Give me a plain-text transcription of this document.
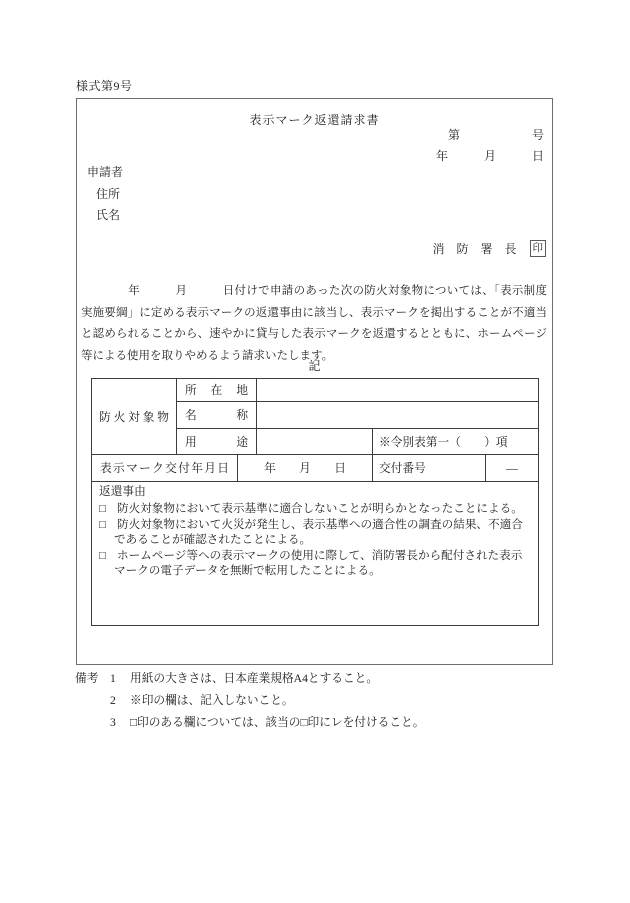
様式第9号
表示マーク返還請求書
第　　　　　　号
年　　　月　　　日
申請者
住所
氏名
消　防　署　長 印
　　　　年　　　月　　　日付けで申請のあった次の防火対象物については、「表示制度
実施要綱」に定める表示マークの返還事由に該当し、表示マークを掲出することが不適当
と認められることから、速やかに貸与した表示マークを返還するとともに、ホームページ
等による使用を取りやめるよう請求いたします。
記
防火対象物	所在地				
	名称				
	用途			※令別表第一（　　）項	
表示マーク交付年月日		年　　月　　日		交付番号	―

返還事由
□ 防火対象物において表示基準に適合しないことが明らかとなったことによる。
□ 防火対象物において火災が発生し、表示基準への適合性の調査の結果、不適合
であることが確認されたことによる。
□ ホームページ等への表示マークの使用に際して、消防署長から配付された表示
マークの電子データを無断で転用したことによる。
備考 1	用紙の大きさは、日本産業規格A4とすること。
2	※印の欄は、記入しないこと。
3	□印のある欄については、該当の□印にレを付けること。
